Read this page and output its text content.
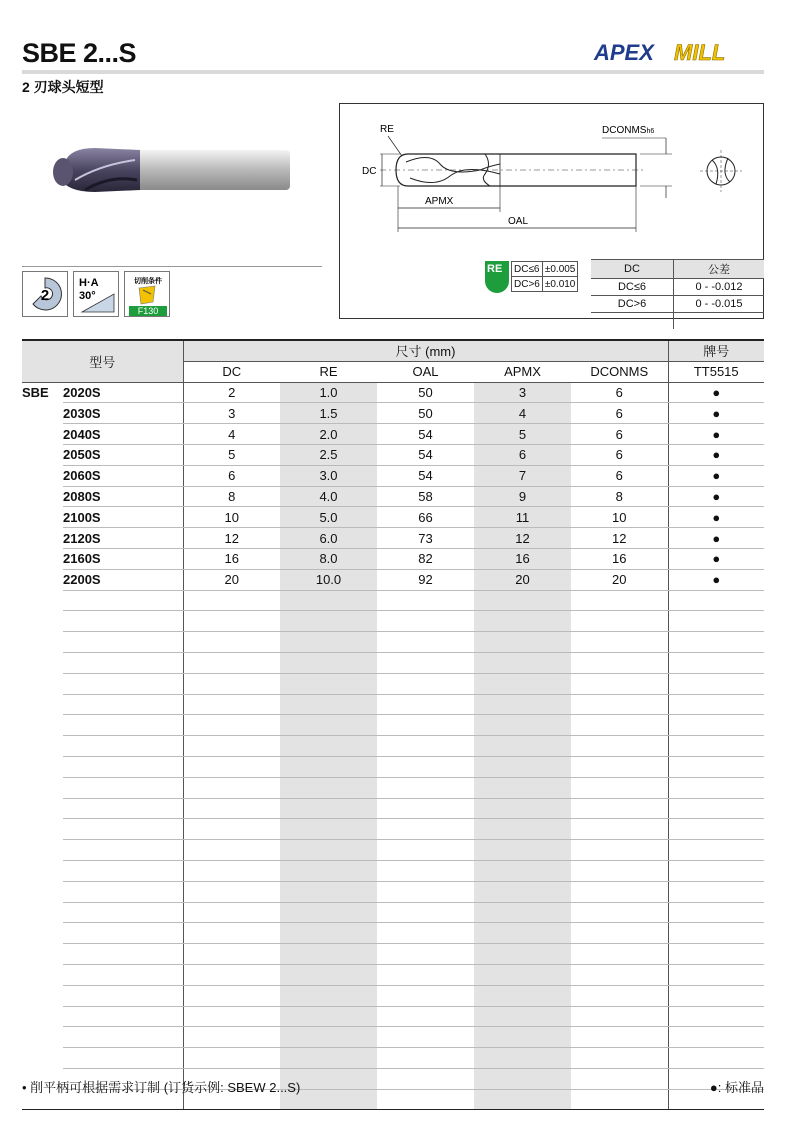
SBE 2...S
2 刃球头短型
APEX MILL
2
H·A
30°
切削条件
F130
RE
DC
DCONMSh6
APMX
OAL
RE DC≤6	±0.005
DC>6	±0.010
DC	公差
DC≤6	0 - -0.012
DC>6	0 - -0.015

型号		尺寸 (mm)					牌号
		DC	RE	OAL	APMX	DCONMS	TT5515
SBE	2020S	2	1.0	50	3	6	●
	2030S	3	1.5	50	4	6	●
	2040S	4	2.0	54	5	6	●
	2050S	5	2.5	54	6	6	●
	2060S	6	3.0	54	7	6	●
	2080S	8	4.0	58	9	8	●
	2100S	10	5.0	66	11	10	●
	2120S	12	6.0	73	12	12	●
	2160S	16	8.0	82	16	16	●
	2200S	20	10.0	92	20	20	●

• 削平柄可根据需求订制 (订货示例: SBEW 2...S)	●: 标准品
